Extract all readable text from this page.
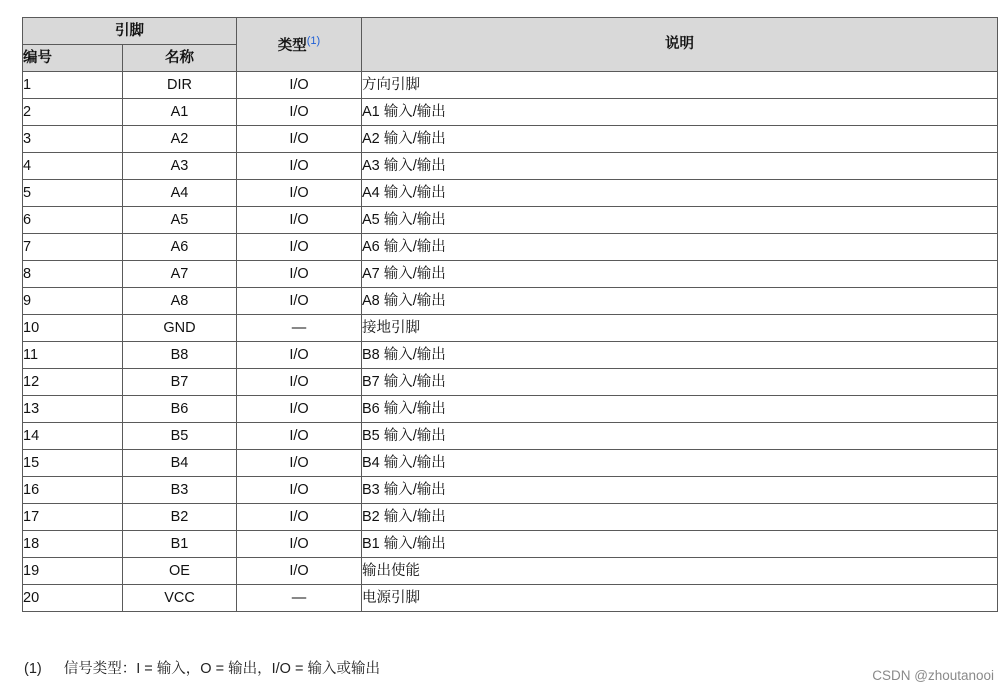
引脚		类型$^{(1)}$	说明
编号	名称		
1	DIR	I/O	方向引脚
2	A1	I/O	A1 输入/输出
3	A2	I/O	A2 输入/输出
4	A3	I/O	A3 输入/输出
5	A4	I/O	A4 输入/输出
6	A5	I/O	A5 输入/输出
7	A6	I/O	A6 输入/输出
8	A7	I/O	A7 输入/输出
9	A8	I/O	A8 输入/输出
10	GND	—	接地引脚
11	B8	I/O	B8 输入/输出
12	B7	I/O	B7 输入/输出
13	B6	I/O	B6 输入/输出
14	B5	I/O	B5 输入/输出
15	B4	I/O	B4 输入/输出
16	B3	I/O	B3 输入/输出
17	B2	I/O	B2 输入/输出
18	B1	I/O	B1 输入/输出
19	OE	I/O	输出使能
20	VCC	—	电源引脚
(1) 信号类型：I = 输入，O = 输出，I/O = 输入或输出	CSDN @zhoutanooi
